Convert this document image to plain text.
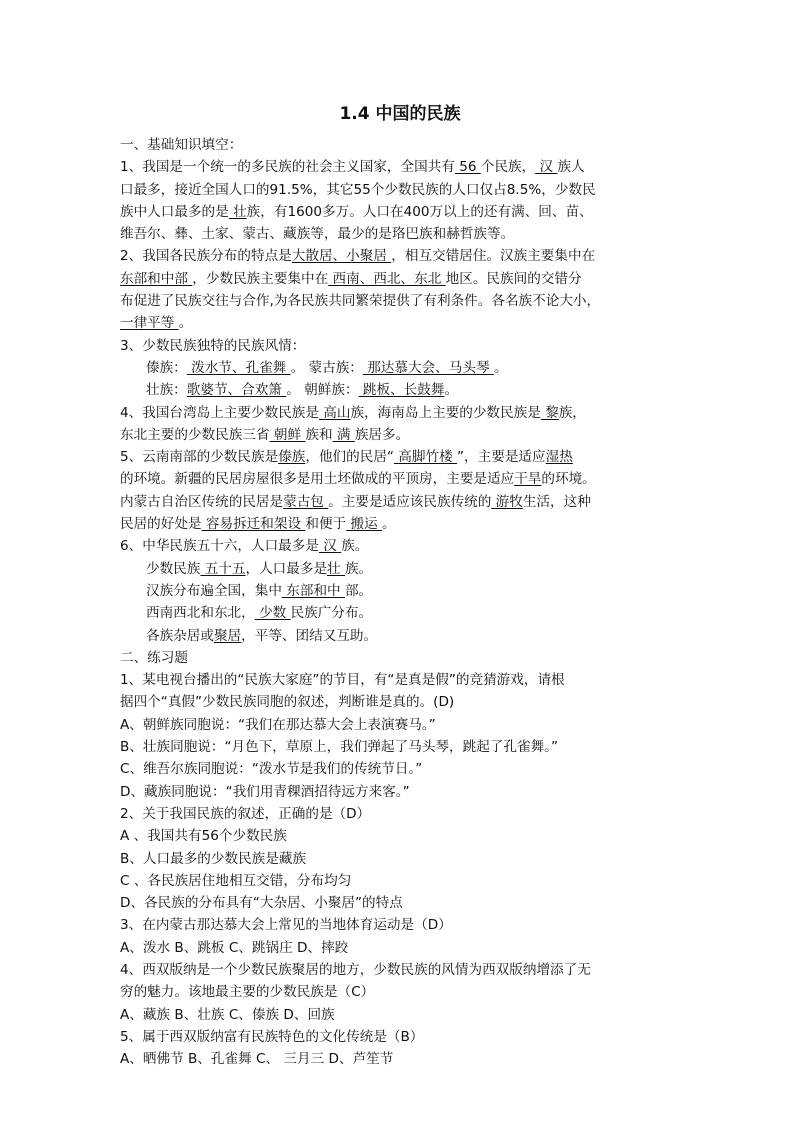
1.4 中国的民族
一、基础知识填空：
1、我国是一个统一的多民族的社会主义国家，全国共有 56 个民族， 汉 族人
口最多，接近全国人口的91.5%，其它55个少数民族的人口仅占8.5%，少数民
族中人口最多的是 壮族，有1600多万。人口在400万以上的还有满、回、苗、
维吾尔、彝、土家、蒙古、藏族等，最少的是珞巴族和赫哲族等。
2、我国各民族分布的特点是大散居、小聚居 ，相互交错居住。汉族主要集中在
东部和中部 ，少数民族主要集中在 西南、西北、东北 地区。民族间的交错分
布促进了民族交往与合作,为各民族共同繁荣提供了有利条件。各名族不论大小，
一律平等 。
3、少数民族独特的民族风情：
傣族： 泼水节、孔雀舞 。 蒙古族： 那达慕大会、马头琴 。
壮族：歌婆节、合欢箫 。 朝鲜族： 跳板、长鼓舞。
4、我国台湾岛上主要少数民族是 高山族，海南岛上主要的少数民族是 黎族，
东北主要的少数民族三省 朝鲜 族和 满 族居多。
5、云南南部的少数民族是傣族，他们的民居“ 高脚竹楼 ”，主要是适应湿热
的环境。新疆的民居房屋很多是用土坯做成的平顶房，主要是适应干旱的环境。
内蒙古自治区传统的民居是蒙古包 。主要是适应该民族传统的 游牧生活，这种
民居的好处是 容易拆迁和架设 和便于 搬运 。
6、中华民族五十六，人口最多是 汉 族。
少数民族 五十五，人口最多是壮 族。
汉族分布遍全国，集中 东部和中 部。
西南西北和东北， 少数 民族广分布。
各族杂居或聚居，平等、团结又互助。
二、练习题
1、某电视台播出的“民族大家庭”的节目，有“是真是假”的竞猜游戏，请根
据四个“真假”少数民族同胞的叙述，判断谁是真的。(D)
A、朝鲜族同胞说：“我们在那达慕大会上表演赛马。”
B、壮族同胞说：“月色下，草原上，我们弹起了马头琴，跳起了孔雀舞。”
C、维吾尔族同胞说：“泼水节是我们的传统节日。”
D、藏族同胞说：“我们用青稞酒招待远方来客。”
2、关于我国民族的叙述，正确的是（D）
A 、我国共有56个少数民族
B、人口最多的少数民族是藏族
C 、各民族居住地相互交错，分布均匀
D、各民族的分布具有“大杂居、小聚居”的特点
3、在内蒙古那达慕大会上常见的当地体育运动是（D）
A、泼水 B、跳板 C、跳锅庄 D、摔跤
4、西双版纳是一个少数民族聚居的地方，少数民族的风情为西双版纳增添了无
穷的魅力。该地最主要的少数民族是（C）
A、藏族 B、壮族 C、傣族 D、回族
5、属于西双版纳富有民族特色的文化传统是（B）
A、晒佛节 B、孔雀舞 C、 三月三 D、芦笙节
